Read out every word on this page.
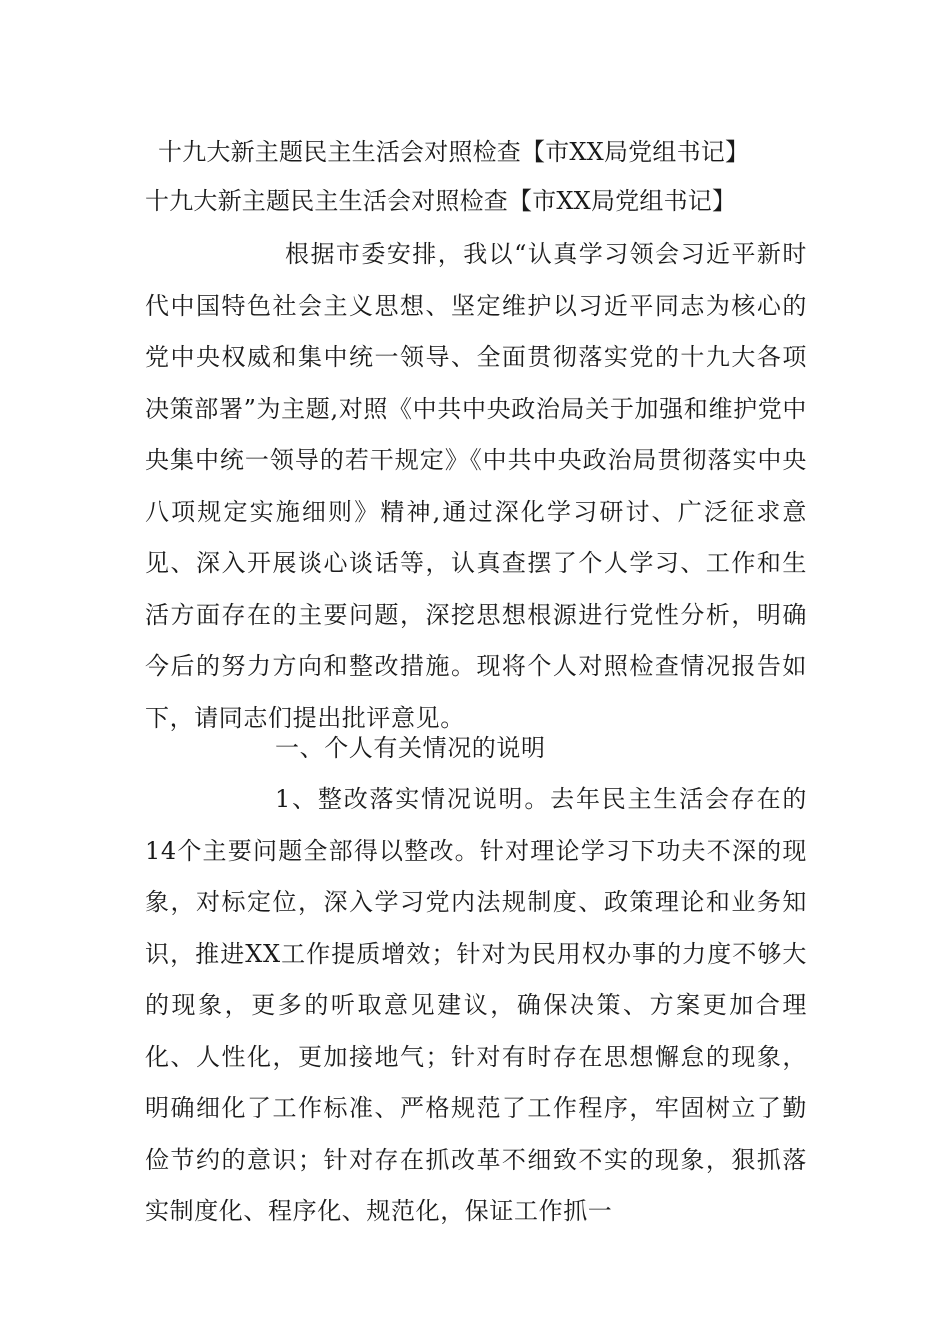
十九大新主题民主生活会对照检查【市XX局党组书记】
十九大新主题民主生活会对照检查【市XX局党组书记】
根据市委安排，我以“认真学习领会习近平新时代中国特色社会主义思想、坚定维护以习近平同志为核心的党中央权威和集中统一领导、全面贯彻落实党的十九大各项决策部署”为主题,对照《中共中央政治局关于加强和维护党中央集中统一领导的若干规定》《中共中央政治局贯彻落实中央八项规定实施细则》精神,通过深化学习研讨、广泛征求意见、深入开展谈心谈话等，认真查摆了个人学习、工作和生活方面存在的主要问题，深挖思想根源进行党性分析，明确今后的努力方向和整改措施。现将个人对照检查情况报告如下，请同志们提出批评意见。
一、个人有关情况的说明
1、整改落实情况说明。去年民主生活会存在的14个主要问题全部得以整改。针对理论学习下功夫不深的现象，对标定位，深入学习党内法规制度、政策理论和业务知识，推进XX工作提质增效；针对为民用权办事的力度不够大的现象，更多的听取意见建议，确保决策、方案更加合理化、人性化，更加接地气；针对有时存在思想懈怠的现象，明确细化了工作标准、严格规范了工作程序，牢固树立了勤俭节约的意识；针对存在抓改革不细致不实的现象，狠抓落实制度化、程序化、规范化，保证工作抓一
